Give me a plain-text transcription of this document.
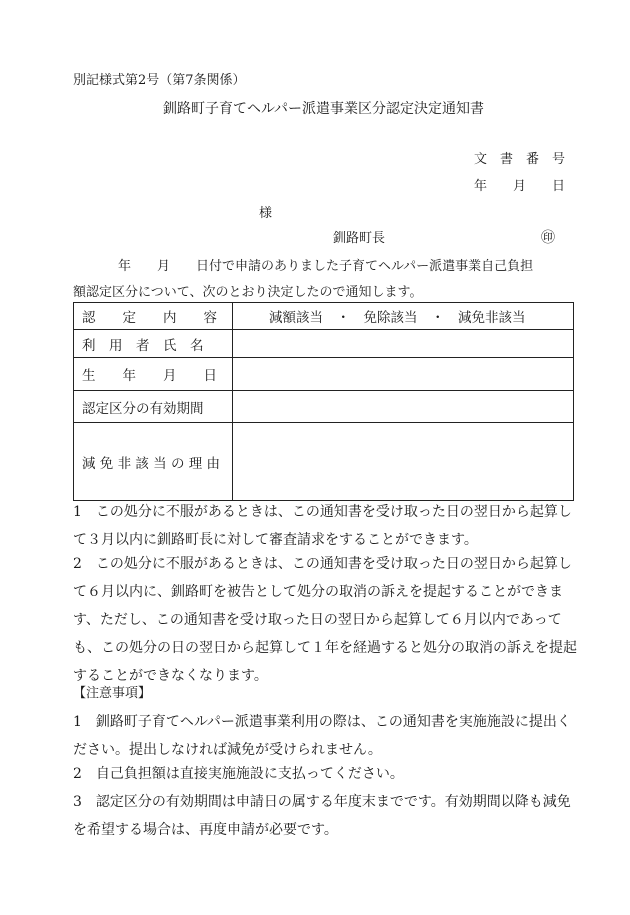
別記様式第2号（第7条関係）
釧路町子育てヘルパー派遣事業区分認定決定通知書
文　書　番　号
年　　月　　日
様
釧路町長	㊞
年　　月　　日付で申請のありました子育てヘルパー派遣事業自己負担
額認定区分について、次のとおり決定したので通知します。
認　　定　　内　　容	減額該当　・　免除該当　・　減免非該当
利　用　者　氏　名	
生　　年　　月　　日	
認定区分の有効期間	
減 免 非 該 当 の 理 由	

1　この処分に不服があるときは、この通知書を受け取った日の翌日から起算して３月以内に釧路町長に対して審査請求をすることができます。

2　この処分に不服があるときは、この通知書を受け取った日の翌日から起算して６月以内に、釧路町を被告として処分の取消の訴えを提起することができます、ただし、この通知書を受け取った日の翌日から起算して６月以内であっても、この処分の日の翌日から起算して１年を経過すると処分の取消の訴えを提起することができなくなります。

【注意事項】

1　釧路町子育てヘルパー派遣事業利用の際は、この通知書を実施施設に提出ください。提出しなければ減免が受けられません。

2　自己負担額は直接実施施設に支払ってください。

3　認定区分の有効期間は申請日の属する年度末までです。有効期間以降も減免を希望する場合は、再度申請が必要です。
